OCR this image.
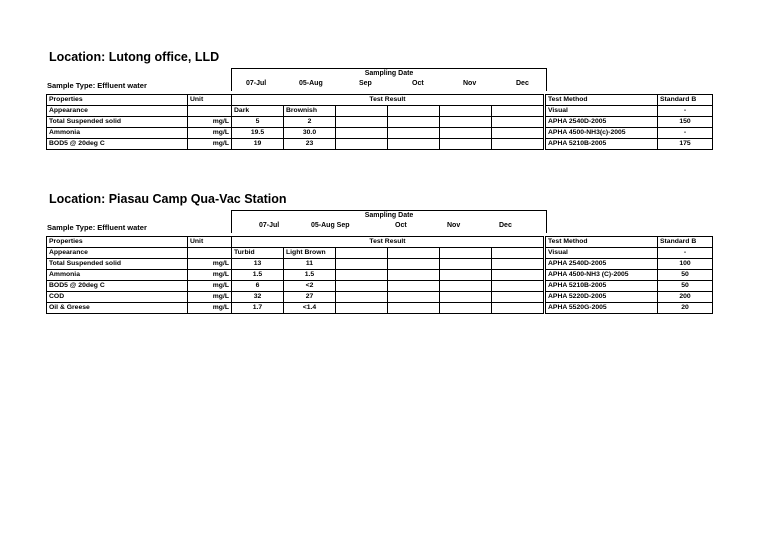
Location: Lutong office, LLD
Sampling Date
07-Jul	05-Aug	Sep	Oct	Nov	Dec
Sample Type: Effluent water
Properties	Unit	Test Result							Test Method	Standard B
Appearance		Dark	Brownish						Visual	-
Total Suspended solid	mg/L	5	2						APHA 2540D-2005	150
Ammonia	mg/L	19.5	30.0						APHA 4500-NH3(c)-2005	-
BOD5 @ 20deg C	mg/L	19	23						APHA 5210B-2005	175
Location: Piasau Camp Qua-Vac Station
Sampling Date
07-Jul	05-Aug Sep	Oct	Nov	Dec
Sample Type: Effluent water
Properties	Unit	Test Result							Test Method	Standard B
Appearance		Turbid	Light Brown						Visual	-
Total Suspended solid	mg/L	13	11						APHA 2540D-2005	100
Ammonia	mg/L	1.5	1.5						APHA 4500-NH3 (C)-2005	50
BOD5 @ 20deg C	mg/L	6	<2						APHA 5210B-2005	50
COD	mg/L	32	27						APHA 5220D-2005	200
Oil & Greese	mg/L	1.7	<1.4						APHA 5520G-2005	20
